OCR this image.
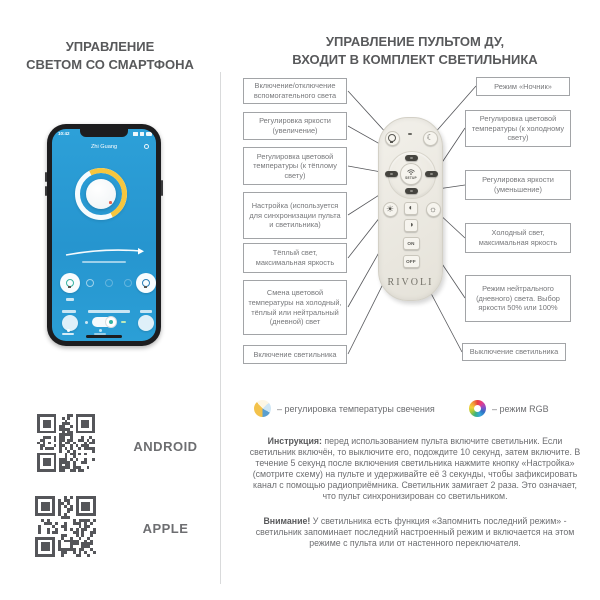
УПРАВЛЕНИЕ
СВЕТОМ СО СМАРТФОНА
УПРАВЛЕНИЕ ПУЛЬТОМ ДУ,
ВХОДИТ В КОМПЛЕКТ СВЕТИЛЬНИКА
Включение/отключение вспомогательного света
Регулировка яркости (увеличение)
Регулировка цветовой температуры (к тёплому свету)
Настройка (используется для синхронизации пульта и светильника)
Тёплый свет, максимальная яркость
Смена цветовой температуры на холодный, тёплый или нейтральный (дневной) свет
Включение светильника
Режим «Ночник»
Регулировка цветовой температуры (к холодному свету)
Регулировка яркости (уменьшение)
Холодный свет, максимальная яркость
Режим нейтрального (дневного) света. Выбор яркости 50% или 100%
Выключение светильника
☾
SETUP
☀ ◐ ☼
◑
ON
OFF
RIVOLI
10:42
Zhi Guang
ANDROID
APPLE
– регулировка температуры свечения	– режим RGB

Инструкция: перед использованием пульта включите светильник. Если светильник включён, то выключите его, подождите 10 секунд, затем включите. В течение 5 секунд после включения светильника нажмите кнопку «Настройка» (смотрите схему) на пульте и удерживайте её 3 секунды, чтобы зафиксировать канал с помощью радиоприёмника. Светильник замигает 2 раза. Это означает, что пульт синхронизирован со светильником.

Внимание! У светильника есть функция «Запомнить последний режим» - светильник запоминает последний настроенный режим и включается на этом режиме с пульта или от настенного переключателя.
